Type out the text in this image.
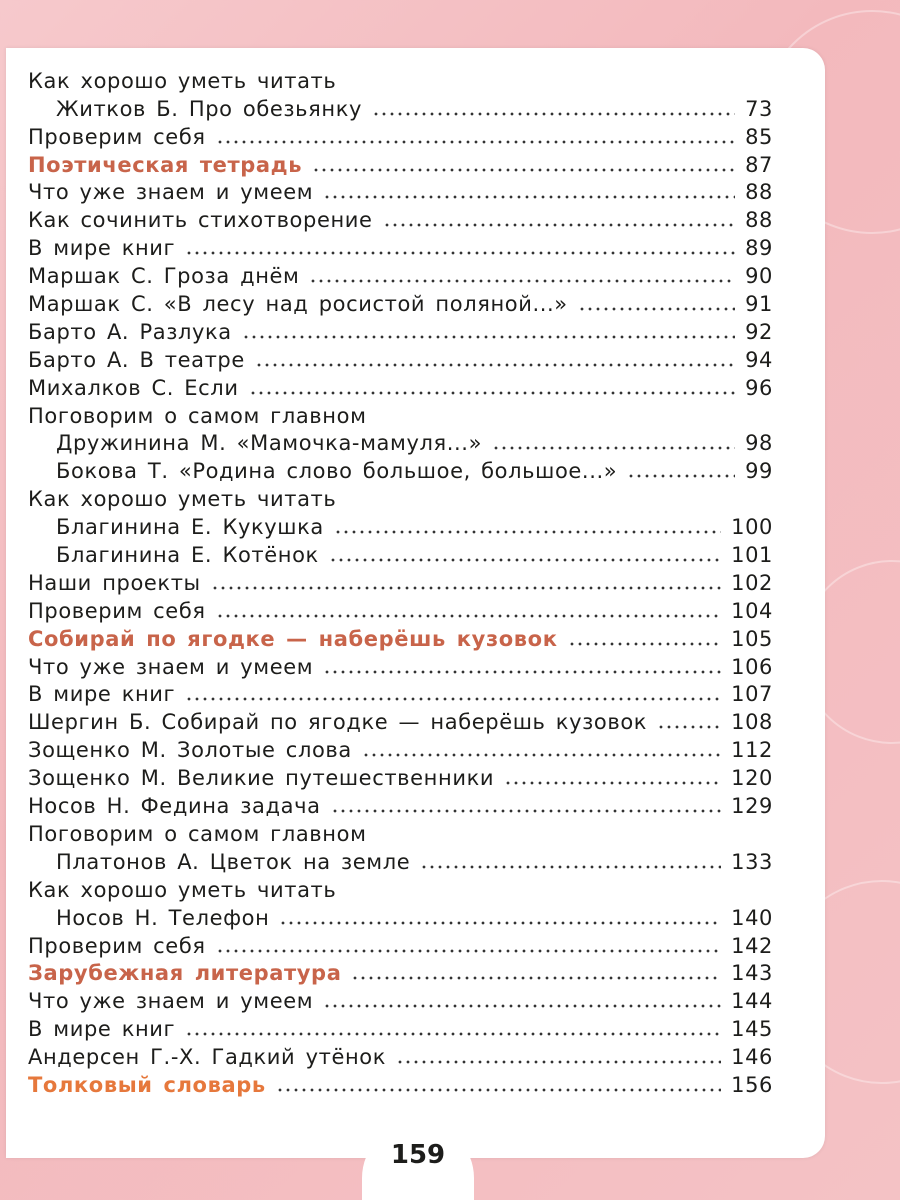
Как хорошо уметь читать
Житков Б. Про обезьянку	73
Проверим себя	85
Поэтическая тетрадь	87
Что уже знаем и умеем	88
Как сочинить стихотворение	88
В мире книг	89
Маршак С. Гроза днём	90
Маршак С. «В лесу над росистой поляной...»	91
Барто А. Разлука	92
Барто А. В театре	94
Михалков С. Если	96
Поговорим о самом главном
Дружинина М. «Мамочка-мамуля...»	98
Бокова Т. «Родина слово большое, большое...»	99
Как хорошо уметь читать
Благинина Е. Кукушка	100
Благинина Е. Котёнок	101
Наши проекты	102
Проверим себя	104
Собирай по ягодке — наберёшь кузовок	105
Что уже знаем и умеем	106
В мире книг	107
Шергин Б. Собирай по ягодке — наберёшь кузовок	108
Зощенко М. Золотые слова	112
Зощенко М. Великие путешественники	120
Носов Н. Федина задача	129
Поговорим о самом главном
Платонов А. Цветок на земле	133
Как хорошо уметь читать
Носов Н. Телефон	140
Проверим себя	142
Зарубежная литература	143
Что уже знаем и умеем	144
В мире книг	145
Андерсен Г.-Х. Гадкий утёнок	146
Толковый словарь	156
159
